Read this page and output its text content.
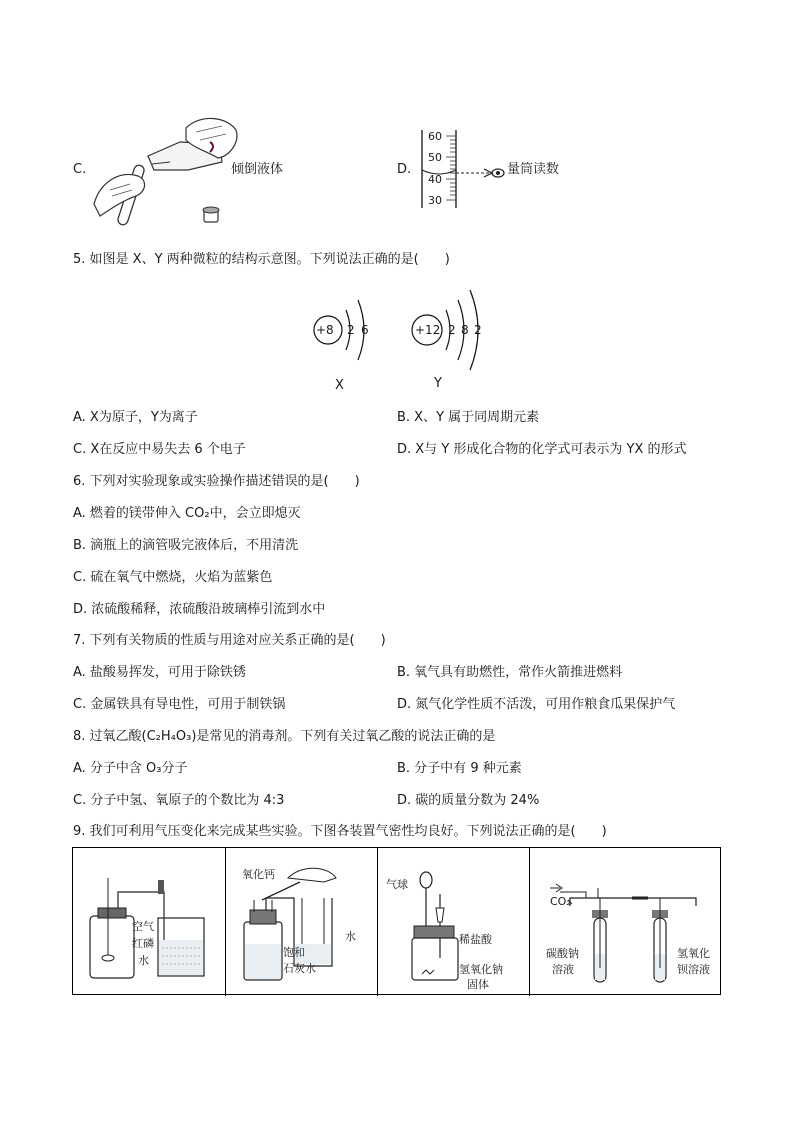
C.	倾倒液体	D.
60
50
40
30
量筒读数
5. 如图是 X、Y 两种微粒的结构示意图。下列说法正确的是(　　)
+8 2 6	+12 2 8 2
X	Y
A. X为原子，Y为离子	B. X、Y 属于同周期元素
C. X在反应中易失去 6 个电子	D. X与 Y 形成化合物的化学式可表示为 YX 的形式
6. 下列对实验现象或实验操作描述错误的是(　　)
A. 燃着的镁带伸入 CO₂中，会立即熄灭
B. 滴瓶上的滴管吸完液体后，不用清洗
C. 硫在氧气中燃烧，火焰为蓝紫色
D. 浓硫酸稀释，浓硫酸沿玻璃棒引流到水中
7. 下列有关物质的性质与用途对应关系正确的是(　　)
A. 盐酸易挥发，可用于除铁锈	B. 氧气具有助燃性，常作火箭推进燃料
C. 金属铁具有导电性，可用于制铁锅	D. 氮气化学性质不活泼，可用作粮食瓜果保护气
8. 过氧乙酸(C₂H₄O₃)是常见的消毒剂。下列有关过氧乙酸的说法正确的是
A. 分子中含 O₃分子	B. 分子中有 9 种元素
C. 分子中氢、氧原子的个数比为 4:3	D. 碳的质量分数为 24%
9. 我们可利用气压变化来完成某些实验。下图各装置气密性均良好。下列说法正确的是(　　)
空气
红磷
水
氧化钙
饱和
石灰水
水
气球
稀盐酸
氢氧化钠
固体
CO₂
碳酸钠
溶液
氢氧化
钡溶液
